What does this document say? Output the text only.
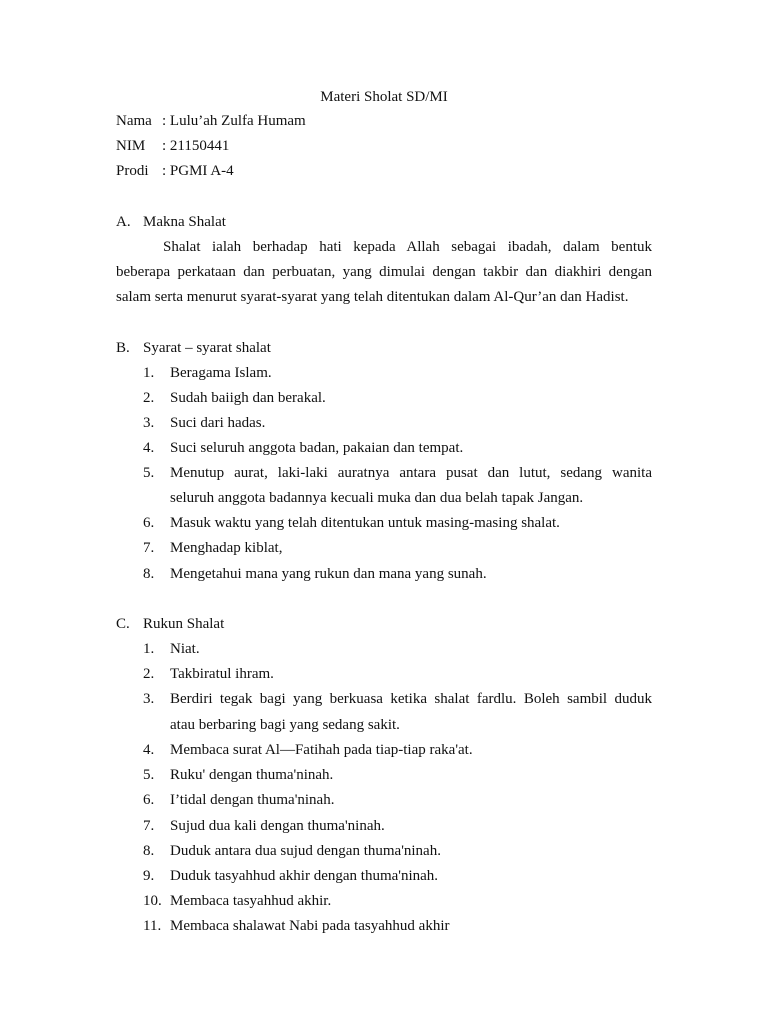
Materi Sholat SD/MI
Nama : Lulu’ah Zulfa Humam
NIM : 21150441
Prodi : PGMI A-4
A. Makna Shalat
Shalat ialah berhadap hati kepada Allah sebagai ibadah, dalam bentuk
beberapa perkataan dan perbuatan, yang dimulai dengan takbir dan diakhiri dengan
salam serta menurut syarat-syarat yang telah ditentukan dalam Al-Qur’an dan Hadist.
B. Syarat – syarat shalat
1. Beragama Islam.
2. Sudah baiigh dan berakal.
3. Suci dari hadas.
4. Suci seluruh anggota badan, pakaian dan tempat.
5. Menutup aurat, laki-laki auratnya antara pusat dan lutut, sedang wanita
seluruh anggota badannya kecuali muka dan dua belah tapak Jangan.
6. Masuk waktu yang telah ditentukan untuk masing-masing shalat.
7. Menghadap kiblat,
8. Mengetahui mana yang rukun dan mana yang sunah.
C. Rukun Shalat
1. Niat.
2. Takbiratul ihram.
3. Berdiri tegak bagi yang berkuasa ketika shalat fardlu. Boleh sambil duduk
atau berbaring bagi yang sedang sakit.
4. Membaca surat Al—Fatihah pada tiap-tiap raka'at.
5. Ruku' dengan thuma'ninah.
6. I’tidal dengan thuma'ninah.
7. Sujud dua kali dengan thuma'ninah.
8. Duduk antara dua sujud dengan thuma'ninah.
9. Duduk tasyahhud akhir dengan thuma'ninah.
10. Membaca tasyahhud akhir.
11. Membaca shalawat Nabi pada tasyahhud akhir
